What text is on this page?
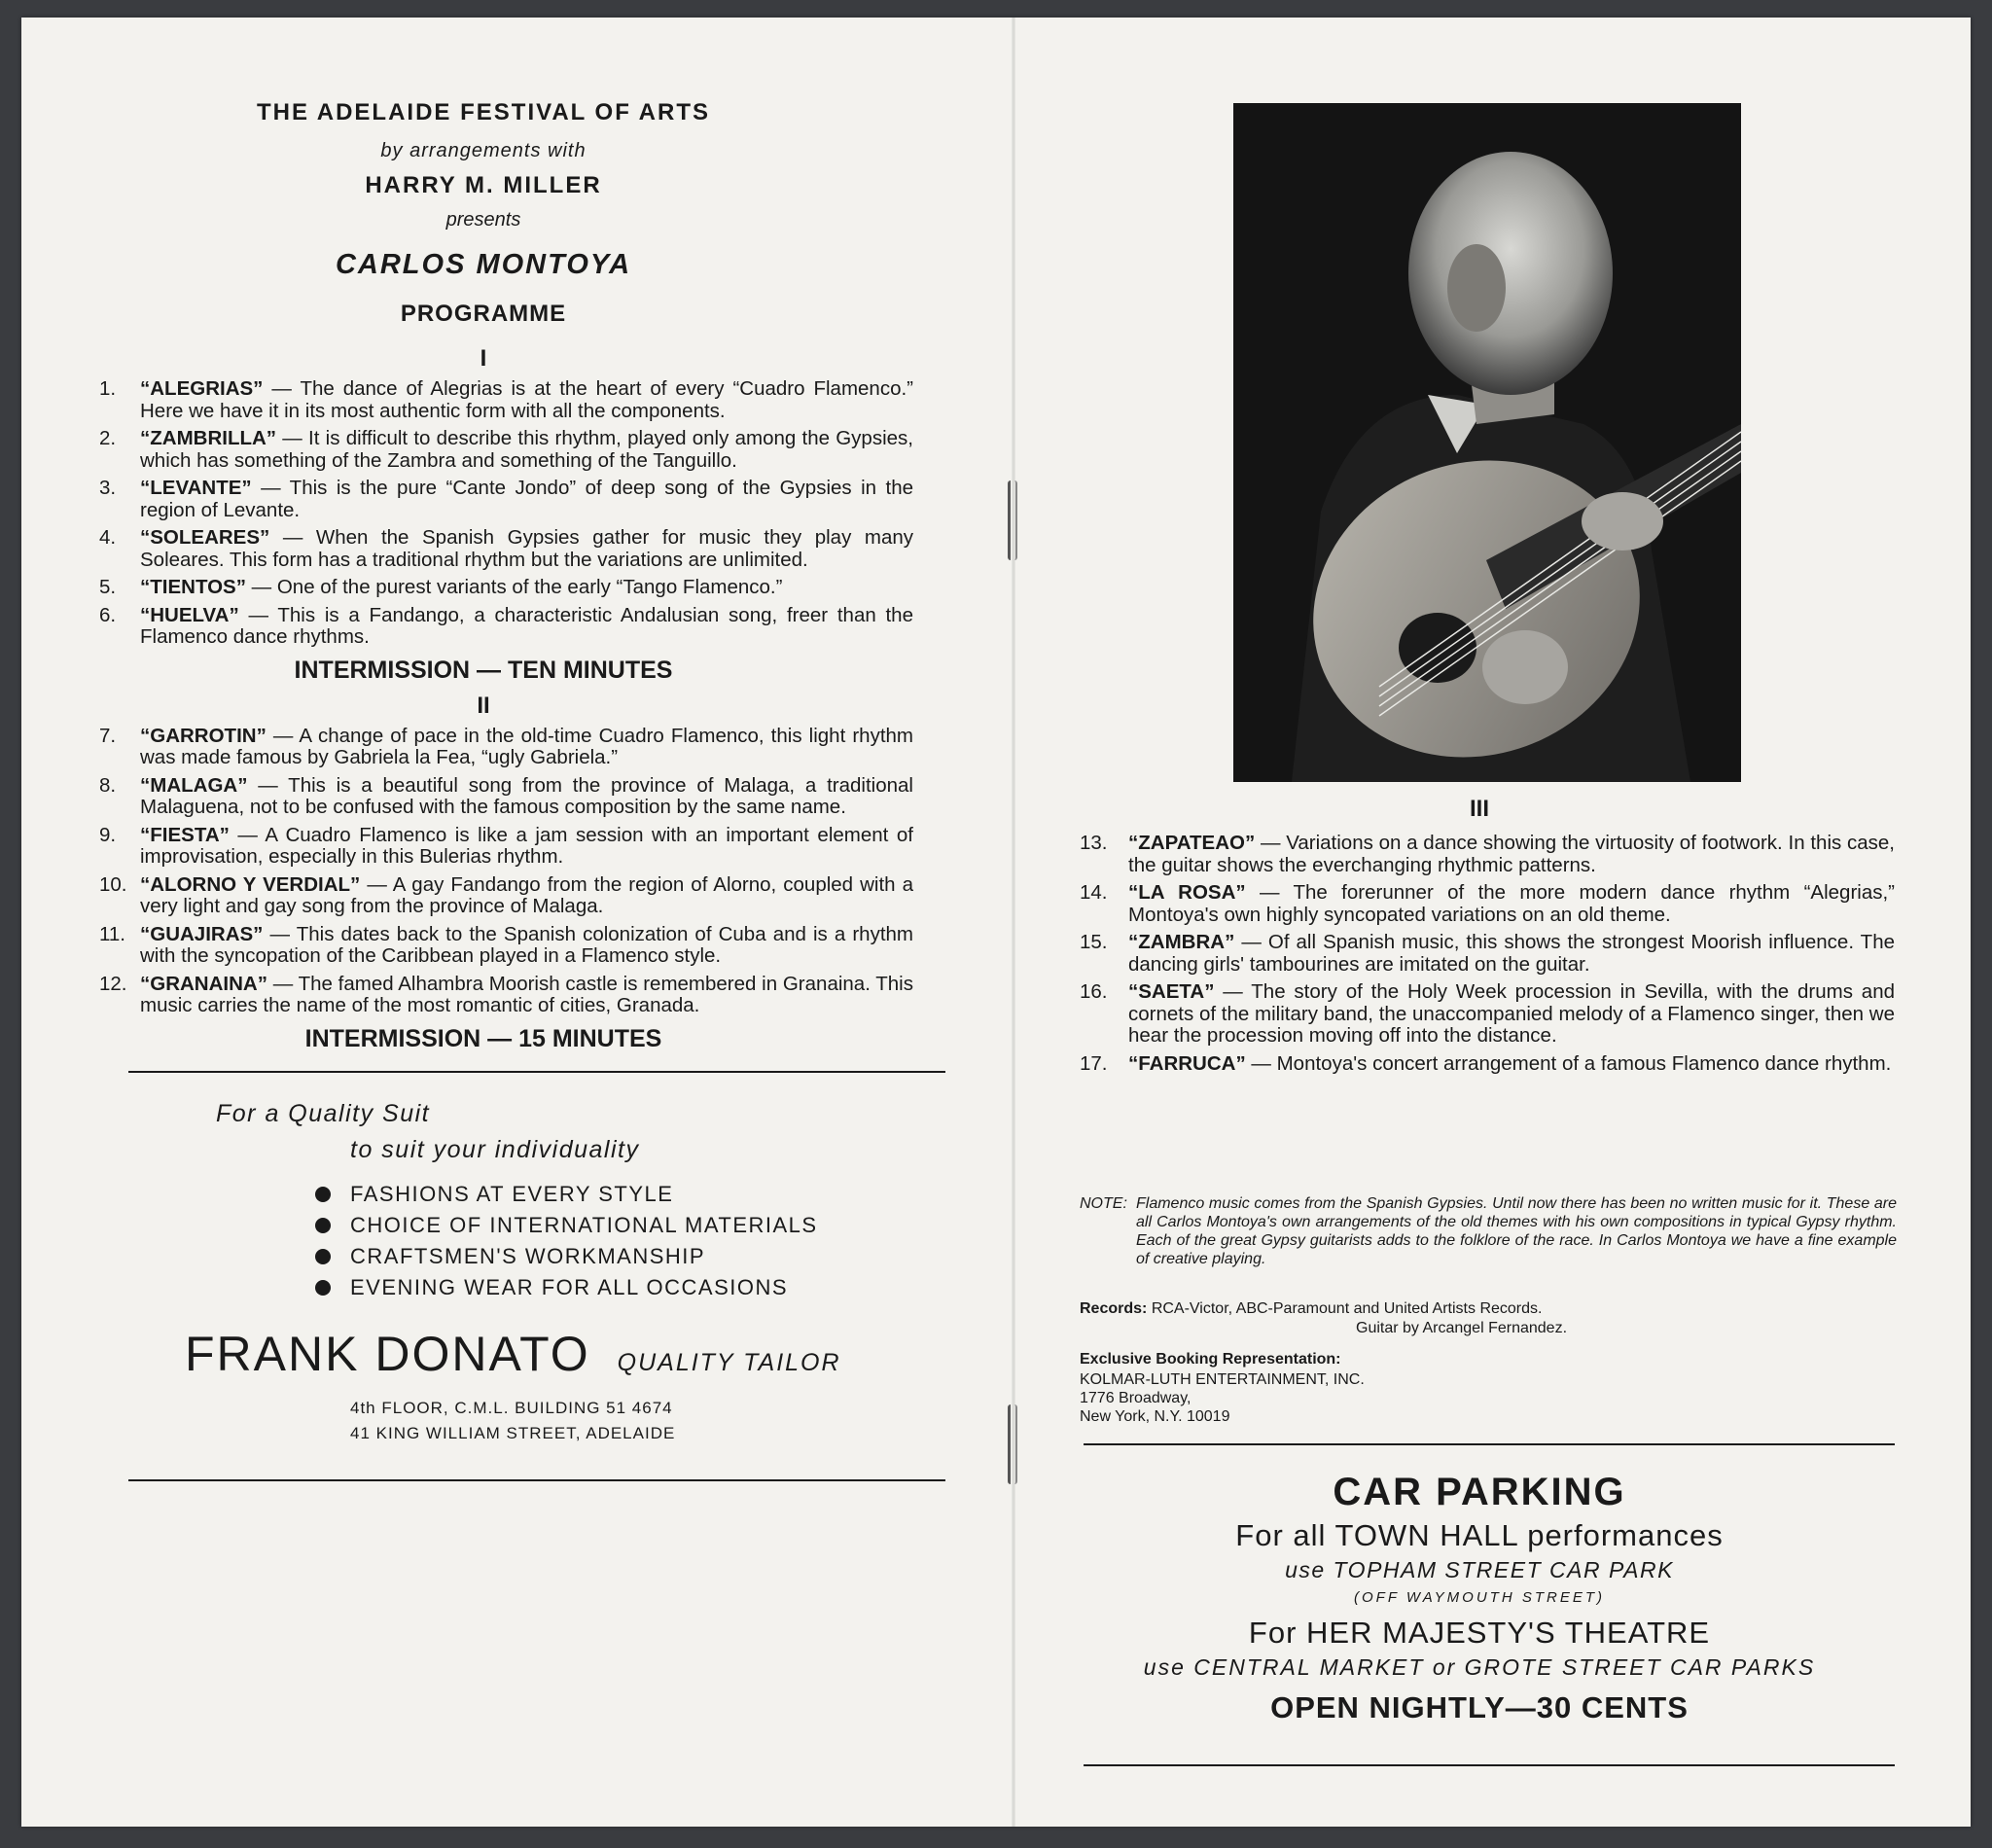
THE ADELAIDE FESTIVAL OF ARTS
by arrangements with
HARRY M. MILLER
presents
CARLOS MONTOYA
PROGRAMME
I
1.	“ALEGRIAS” — The dance of Alegrias is at the heart of every “Cuadro Flamenco.” Here we have it in its most authentic form with all the components.
2.	“ZAMBRILLA” — It is difficult to describe this rhythm, played only among the Gypsies, which has something of the Zambra and something of the Tanguillo.
3.	“LEVANTE” — This is the pure “Cante Jondo” of deep song of the Gypsies in the region of Levante.
4.	“SOLEARES” — When the Spanish Gypsies gather for music they play many Soleares. This form has a traditional rhythm but the variations are unlimited.
5.	“TIENTOS” — One of the purest variants of the early “Tango Flamenco.”
6.	“HUELVA” — This is a Fandango, a characteristic Andalusian song, freer than the Flamenco dance rhythms.
INTERMISSION — TEN MINUTES
II
7.	“GARROTIN” — A change of pace in the old-time Cuadro Flamenco, this light rhythm was made famous by Gabriela la Fea, “ugly Gabriela.”
8.	“MALAGA” — This is a beautiful song from the province of Malaga, a traditional Malaguena, not to be confused with the famous composition by the same name.
9.	“FIESTA” — A Cuadro Flamenco is like a jam session with an important element of improvisation, especially in this Bulerias rhythm.
10. “ALORNO Y VERDIAL” — A gay Fandango from the region of Alorno, coupled with a very light and gay song from the province of Malaga.
11. “GUAJIRAS” — This dates back to the Spanish colonization of Cuba and is a rhythm with the syncopation of the Caribbean played in a Flamenco style.
12. “GRANAINA” — The famed Alhambra Moorish castle is remembered in Granaina. This music carries the name of the most romantic of cities, Granada.
INTERMISSION — 15 MINUTES
For a Quality Suit
to suit your individuality
FASHIONS AT EVERY STYLE
CHOICE OF INTERNATIONAL MATERIALS
CRAFTSMEN'S WORKMANSHIP
EVENING WEAR FOR ALL OCCASIONS
FRANK DONATO QUALITY TAILOR
4th FLOOR, C.M.L. BUILDING 51 4674
41 KING WILLIAM STREET, ADELAIDE
III
13.	“ZAPATEAO” — Variations on a dance showing the virtuosity of footwork. In this case, the guitar shows the everchanging rhythmic patterns.
14.	“LA ROSA” — The forerunner of the more modern dance rhythm “Alegrias,” Montoya's own highly syncopated variations on an old theme.
15.	“ZAMBRA” — Of all Spanish music, this shows the strongest Moorish influence. The dancing girls' tambourines are imitated on the guitar.
16.	“SAETA” — The story of the Holy Week procession in Sevilla, with the drums and cornets of the military band, the unaccompanied melody of a Flamenco singer, then we hear the procession moving off into the distance.
17.	“FARRUCA” — Montoya's concert arrangement of a famous Flamenco dance rhythm.
NOTE: Flamenco music comes from the Spanish Gypsies. Until now there has been no written music for it. These are all Carlos Montoya's own arrangements of the old themes with his own compositions in typical Gypsy rhythm. Each of the great Gypsy guitarists adds to the folklore of the race. In Carlos Montoya we have a fine example of creative playing.
Records: RCA-Victor, ABC-Paramount and United Artists Records.
Guitar by Arcangel Fernandez.
Exclusive Booking Representation:
KOLMAR-LUTH ENTERTAINMENT, INC.
1776 Broadway,
New York, N.Y. 10019
CAR PARKING
For all TOWN HALL performances
use TOPHAM STREET CAR PARK
(OFF WAYMOUTH STREET)
For HER MAJESTY'S THEATRE
use CENTRAL MARKET or GROTE STREET CAR PARKS
OPEN NIGHTLY—30 CENTS
